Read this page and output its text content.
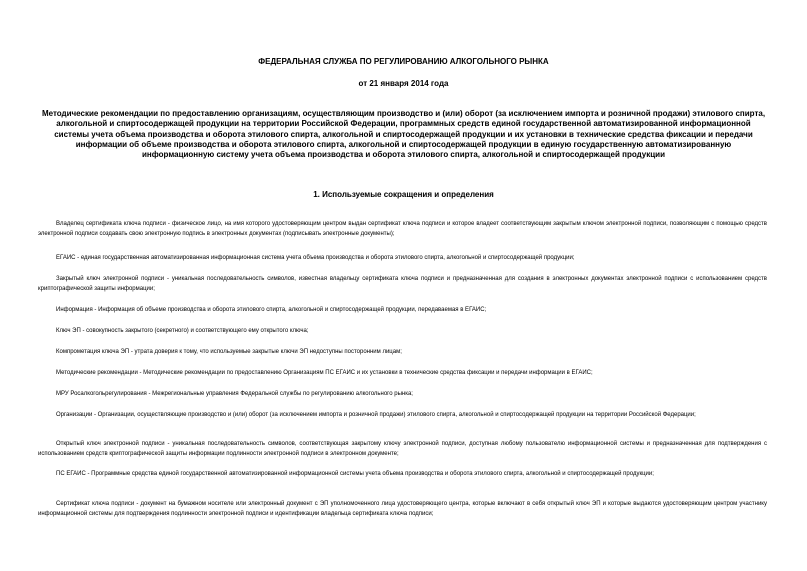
ФЕДЕРАЛЬНАЯ СЛУЖБА ПО РЕГУЛИРОВАНИЮ АЛКОГОЛЬНОГО РЫНКА
от 21 января 2014 года
Методические рекомендации по предоставлению организациям, осуществляющим производство и (или) оборот (за исключением импорта и розничной продажи) этилового спирта, алкогольной и спиртосодержащей продукции на территории Российской Федерации, программных средств единой государственной автоматизированной информационной системы учета объема производства и оборота этилового спирта, алкогольной и спиртосодержащей продукции и их установки в технические средства фиксации и передачи информации об объеме производства и оборота этилового спирта, алкогольной и спиртосодержащей продукции в единую государственную автоматизированную информационную систему учета объема производства и оборота этилового спирта, алкогольной и спиртосодержащей продукции
1. Используемые сокращения и определения

Владелец сертификата ключа подписи - физическое лицо, на имя которого удостоверяющим центром выдан сертификат ключа подписи и которое владеет соответствующим закрытым ключом электронной подписи, позволяющим с помощью средств электронной подписи создавать свою электронную подпись в электронных документах (подписывать электронные документы);

ЕГАИС - единая государственная автоматизированная информационная система учета объема производства и оборота этилового спирта, алкогольной и спиртосодержащей продукции;

Закрытый ключ электронной подписи - уникальная последовательность символов, известная владельцу сертификата ключа подписи и предназначенная для создания в электронных документах электронной подписи с использованием средств криптографической защиты информации;

Информация - Информация об объеме производства и оборота этилового спирта, алкогольной и спиртосодержащей продукции, передаваемая в ЕГАИС;

Ключ ЭП - совокупность закрытого (секретного) и соответствующего ему открытого ключа;

Компрометация ключа ЭП - утрата доверия к тому, что используемые закрытые ключи ЭП недоступны посторонним лицам;

Методические рекомендации - Методические рекомендации по предоставлению Организациям ПС ЕГАИС и их установки в технические средства фиксации и передачи информации в ЕГАИС;

МРУ Росалкогольрегулирования - Межрегиональные управления Федеральной службы по регулированию алкогольного рынка;

Организации - Организации, осуществляющие производство и (или) оборот (за исключением импорта и розничной продажи) этилового спирта, алкогольной и спиртосодержащей продукции на территории Российской Федерации;

Открытый ключ электронной подписи - уникальная последовательность символов, соответствующая закрытому ключу электронной подписи, доступная любому пользователю информационной системы и предназначенная для подтверждения с использованием средств криптографической защиты информации подлинности электронной подписи в электронном документе;

ПС ЕГАИС - Программные средства единой государственной автоматизированной информационной системы учета объема производства и оборота этилового спирта, алкогольной и спиртосодержащей продукции;

Сертификат ключа подписи - документ на бумажном носителе или электронный документ с ЭП уполномоченного лица удостоверяющего центра, которые включают в себя открытый ключ ЭП и которые выдаются удостоверяющим центром участнику информационной системы для подтверждения подлинности электронной подписи и идентификации владельца сертификата ключа подписи;
